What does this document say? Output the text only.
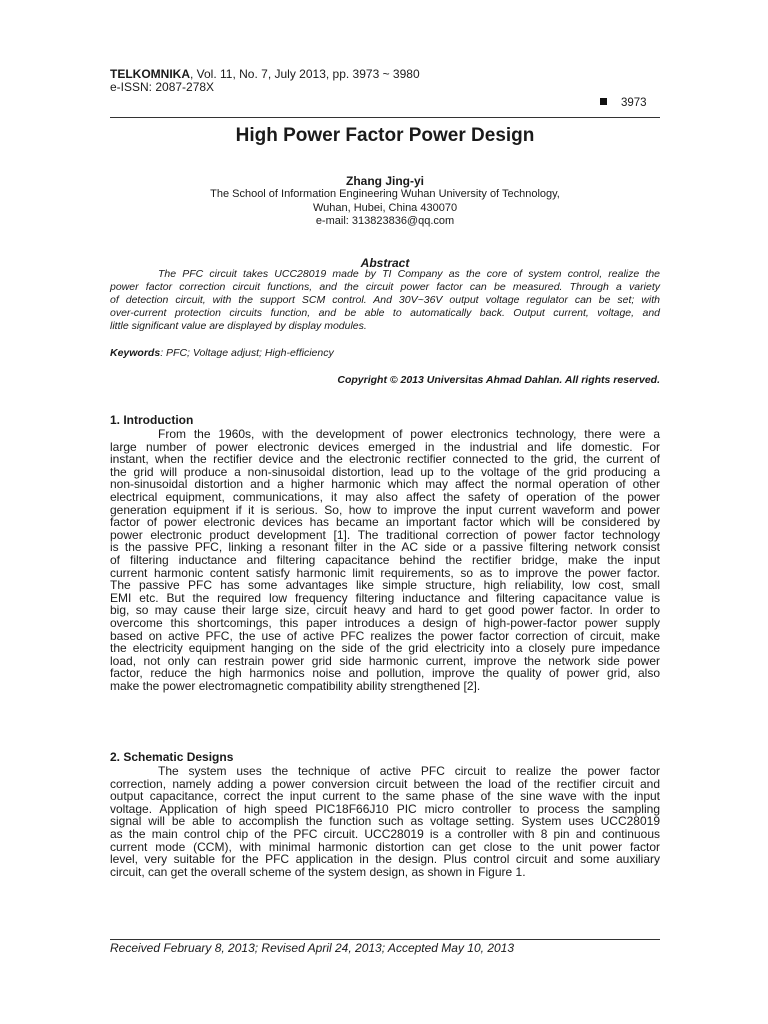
TELKOMNIKA, Vol. 11, No. 7, July 2013, pp. 3973 ~ 3980
e-ISSN: 2087-278X
3973
High Power Factor Power Design
Zhang Jing-yi
The School of Information Engineering Wuhan University of Technology,
Wuhan, Hubei, China 430070
e-mail: 313823836@qq.com
Abstract
The PFC circuit takes UCC28019 made by TI Company as the core of system control, realize the
power factor correction circuit functions, and the circuit power factor can be measured. Through a variety
of detection circuit, with the support SCM control. And 30V~36V output voltage regulator can be set; with
over-current protection circuits function, and be able to automatically back. Output current, voltage, and
little significant value are displayed by display modules.
Keywords: PFC; Voltage adjust; High-efficiency
Copyright © 2013 Universitas Ahmad Dahlan. All rights reserved.
1. Introduction
From the 1960s, with the development of power electronics technology, there were a
large number of power electronic devices emerged in the industrial and life domestic. For
instant, when the rectifier device and the electronic rectifier connected to the grid, the current of
the grid will produce a non-sinusoidal distortion, lead up to the voltage of the grid producing a
non-sinusoidal distortion and a higher harmonic which may affect the normal operation of other
electrical equipment, communications, it may also affect the safety of operation of the power
generation equipment if it is serious. So, how to improve the input current waveform and power
factor of power electronic devices has became an important factor which will be considered by
power electronic product development [1]. The traditional correction of power factor technology
is the passive PFC, linking a resonant filter in the AC side or a passive filtering network consist
of filtering inductance and filtering capacitance behind the rectifier bridge, make the input
current harmonic content satisfy harmonic limit requirements, so as to improve the power factor.
The passive PFC has some advantages like simple structure, high reliability, low cost, small
EMI etc. But the required low frequency filtering inductance and filtering capacitance value is
big, so may cause their large size, circuit heavy and hard to get good power factor. In order to
overcome this shortcomings, this paper introduces a design of high-power-factor power supply
based on active PFC, the use of active PFC realizes the power factor correction of circuit, make
the electricity equipment hanging on the side of the grid electricity into a closely pure impedance
load, not only can restrain power grid side harmonic current, improve the network side power
factor, reduce the high harmonics noise and pollution, improve the quality of power grid, also
make the power electromagnetic compatibility ability strengthened [2].
2. Schematic Designs
The system uses the technique of active PFC circuit to realize the power factor
correction, namely adding a power conversion circuit between the load of the rectifier circuit and
output capacitance, correct the input current to the same phase of the sine wave with the input
voltage. Application of high speed PIC18F66J10 PIC micro controller to process the sampling
signal will be able to accomplish the function such as voltage setting. System uses UCC28019
as the main control chip of the PFC circuit. UCC28019 is a controller with 8 pin and continuous
current mode (CCM), with minimal harmonic distortion can get close to the unit power factor
level, very suitable for the PFC application in the design. Plus control circuit and some auxiliary
circuit, can get the overall scheme of the system design, as shown in Figure 1.
Received February 8, 2013; Revised April 24, 2013; Accepted May 10, 2013
